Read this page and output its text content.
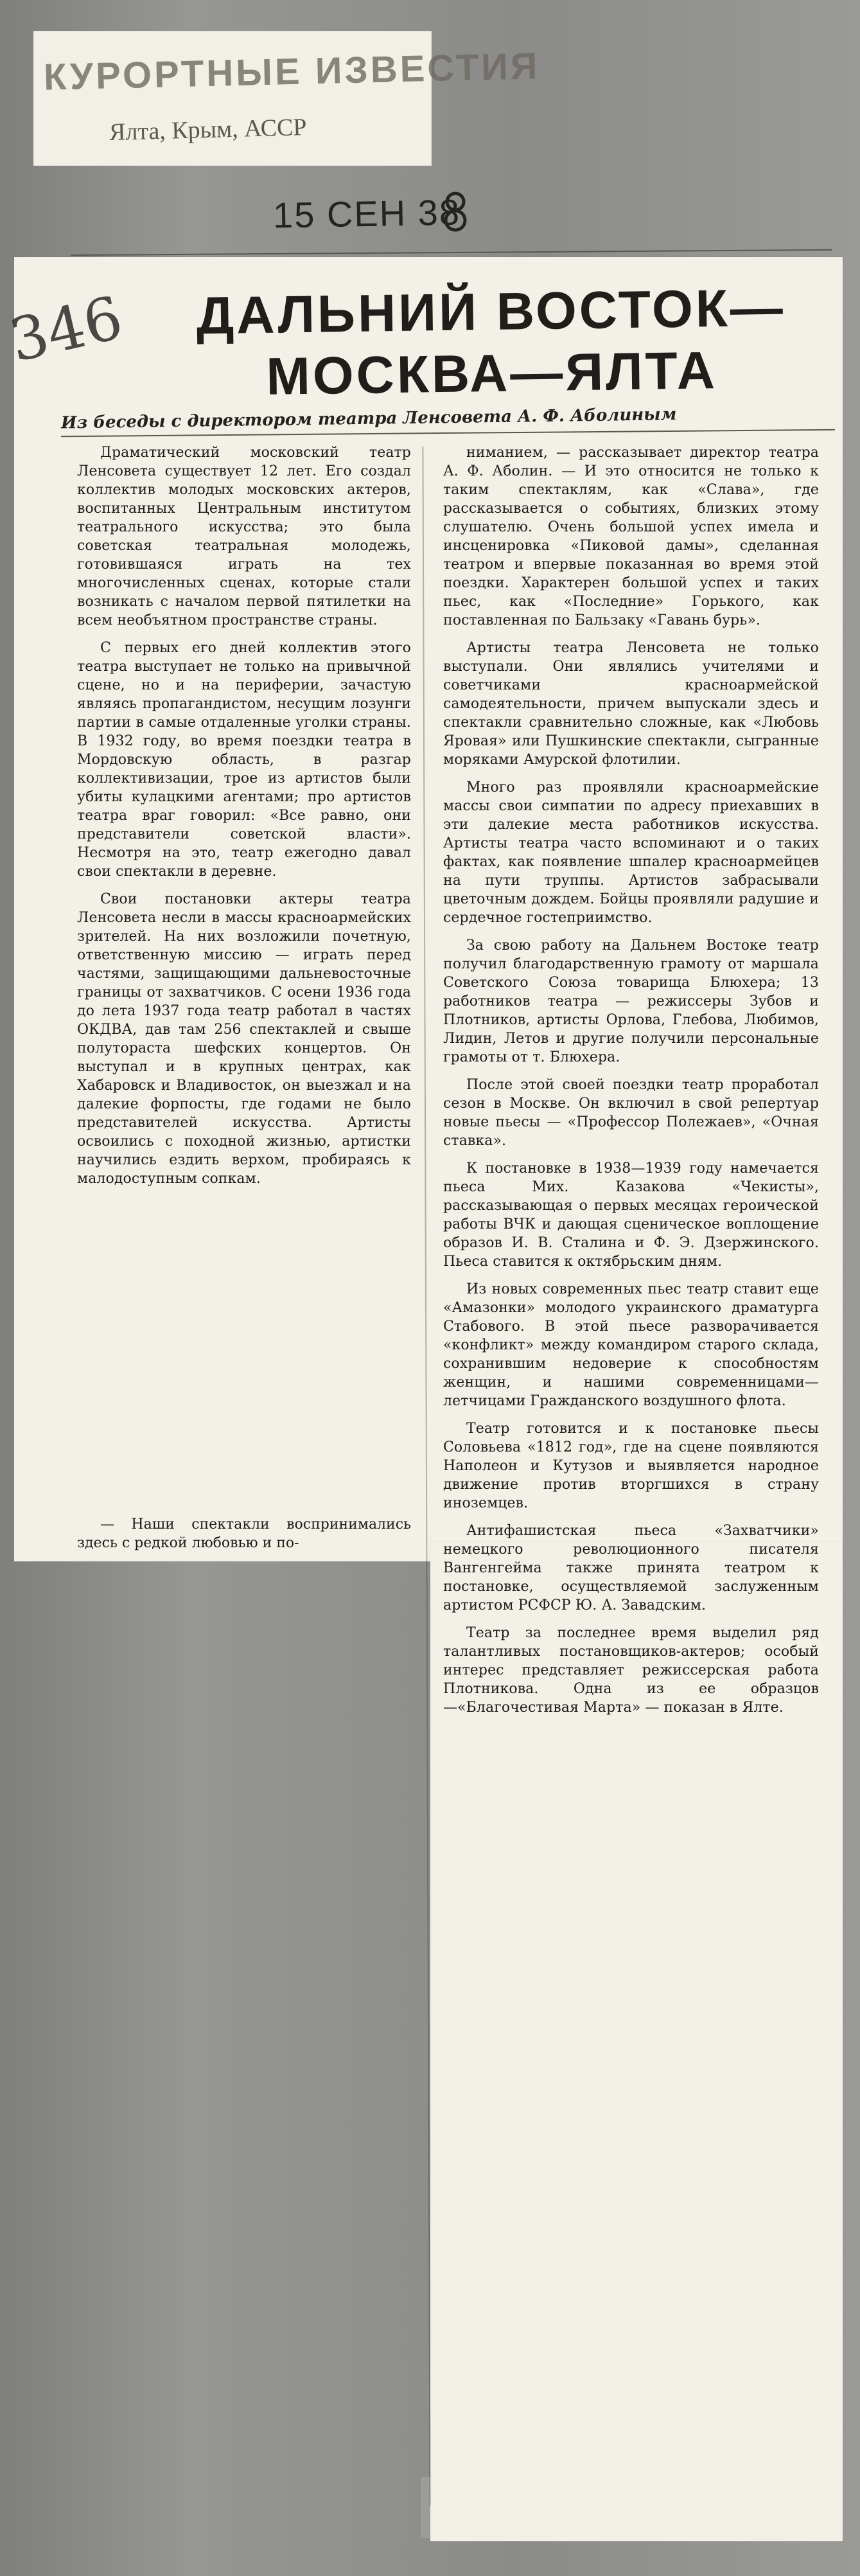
КУРОРТНЫЕ ИЗВЕСТИЯ
Ялта, Крым, АССР
15 СЕН 38
346	ДАЛЬНИЙ ВОСТОК—
МОСКВА—ЯЛТА
Из беседы с директором театра Ленсовета А. Ф. Аболиным

Драматический московский театр Ленсовета существует 12 лет. Его создал коллектив молодых московских актеров, воспитанных Центральным институтом театрального искусства; это была советская театральная молодежь, готовившаяся играть на тех многочисленных сценах, которые стали возникать с началом первой пятилетки на всем необъятном пространстве страны.

С первых его дней коллектив этого театра выступает не только на привычной сцене, но и на периферии, зачастую являясь пропагандистом, несущим лозунги партии в самые отдаленные уголки страны. В 1932 году, во время поездки театра в Мордовскую область, в разгар коллективизации, трое из артистов были убиты кулацкими агентами; про артистов театра враг говорил: «Все равно, они представители советской власти». Несмотря на это, театр ежегодно давал свои спектакли в деревне.

Свои постановки актеры театра Ленсовета несли в массы красноармейских зрителей. На них возложили почетную, ответственную миссию — играть перед частями, защищающими дальневосточные границы от захватчиков. С осени 1936 года до лета 1937 года театр работал в частях ОКДВА, дав там 256 спектаклей и свыше полутораста шефских концертов. Он выступал и в крупных центрах, как Хабаровск и Владивосток, он выезжал и на далекие форпосты, где годами не было представителей искусства. Артисты освоились с походной жизнью, артистки научились ездить верхом, пробираясь к малодоступным сопкам.

— Наши спектакли воспринимались здесь с редкой любовью и по-

ниманием, — рассказывает директор театра А. Ф. Аболин. — И это относится не только к таким спектаклям, как «Слава», где рассказывается о событиях, близких этому слушателю. Очень большой успех имела и инсценировка «Пиковой дамы», сделанная театром и впервые показанная во время этой поездки. Характерен большой успех и таких пьес, как «Последние» Горького, как поставленная по Бальзаку «Гавань бурь».

Артисты театра Ленсовета не только выступали. Они являлись учителями и советчиками красноармейской самодеятельности, причем выпускали здесь и спектакли сравнительно сложные, как «Любовь Яровая» или Пушкинские спектакли, сыгранные моряками Амурской флотилии.

Много раз проявляли красноармейские массы свои симпатии по адресу приехавших в эти далекие места работников искусства. Артисты театра часто вспоминают и о таких фактах, как появление шпалер красноармейцев на пути труппы. Артистов забрасывали цветочным дождем. Бойцы проявляли радушие и сердечное гостеприимство.

За свою работу на Дальнем Востоке театр получил благодарственную грамоту от маршала Советского Союза товарища Блюхера; 13 работников театра — режиссеры Зубов и Плотников, артисты Орлова, Глебова, Любимов, Лидин, Летов и другие получили персональные грамоты от т. Блюхера.

После этой своей поездки театр проработал сезон в Москве. Он включил в свой репертуар новые пьесы — «Профессор Полежаев», «Очная ставка».

К постановке в 1938—1939 году намечается пьеса Мих. Казакова «Чекисты», рассказывающая о первых месяцах героической работы ВЧК и дающая сценическое воплощение образов И. В. Сталина и Ф. Э. Дзержинского. Пьеса ставится к октябрьским дням.

Из новых современных пьес театр ставит еще «Амазонки» молодого украинского драматурга Стабового. В этой пьесе разворачивается «конфликт» между командиром старого склада, сохранившим недоверие к способностям женщин, и нашими современницами—летчицами Гражданского воздушного флота.

Театр готовится и к постановке пьесы Соловьева «1812 год», где на сцене появляются Наполеон и Кутузов и выявляется народное движение против вторгшихся в страну иноземцев.

Антифашистская пьеса «Захватчики» немецкого революционного писателя Вангенгейма также принята театром к постановке, осуществляемой заслуженным артистом РСФСР Ю. А. Завадским.

Театр за последнее время выделил ряд талантливых постановщиков-актеров; особый интерес представляет режиссерская работа Плотникова. Одна из ее образцов—«Благочестивая Марта» — показан в Ялте.
